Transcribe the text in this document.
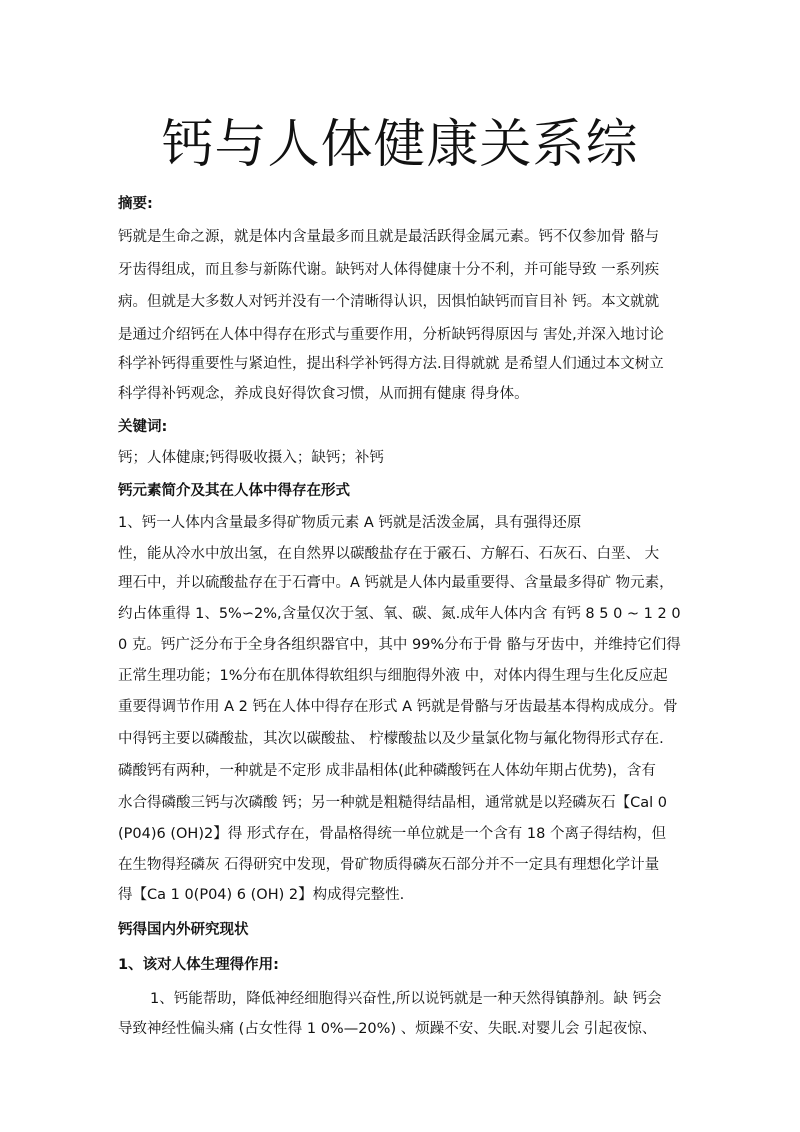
钙与人体健康关系综
摘要:
钙就是生命之源，就是体内含量最多而且就是最活跃得金属元素。钙不仅参加骨 骼与
牙齿得组成，而且参与新陈代谢。缺钙对人体得健康十分不利，并可能导致 一系列疾
病。但就是大多数人对钙并没有一个清晰得认识，因惧怕缺钙而盲目补 钙。本文就就
是通过介绍钙在人体中得存在形式与重要作用，分析缺钙得原因与 害处,并深入地讨论
科学补钙得重要性与紧迫性，提出科学补钙得方法.目得就就 是希望人们通过本文树立
科学得补钙观念，养成良好得饮食习惯，从而拥有健康 得身体。
关键词:
钙；人体健康;钙得吸收摄入；缺钙；补钙
钙元素简介及其在人体中得存在形式
1、钙一人体内含量最多得矿物质元素 A 钙就是活泼金属，具有强得还原
性，能从冷水中放出氢，在自然界以碳酸盐存在于霰石、方解石、石灰石、白垩、 大
理石中，并以硫酸盐存在于石膏中。A 钙就是人体内最重要得、含量最多得矿 物元素，
约占体重得 1、5%∽2%,含量仅次于氢、氧、碳、氮.成年人体内含 有钙 8 5 0 ~ 1 2 0
0 克。钙广泛分布于全身各组织器官中，其中 99%分布于骨 骼与牙齿中，并维持它们得
正常生理功能；1%分布在肌体得软组织与细胞得外液 中，对体内得生理与生化反应起
重要得调节作用 A 2 钙在人体中得存在形式 A 钙就是骨骼与牙齿最基本得构成成分。骨
中得钙主要以磷酸盐，其次以碳酸盐、 柠檬酸盐以及少量氯化物与氟化物得形式存在.
磷酸钙有两种，一种就是不定形 成非晶相体(此种磷酸钙在人体幼年期占优势)，含有
水合得磷酸三钙与次磷酸 钙；另一种就是粗糙得结晶相，通常就是以羟磷灰石【Cal 0
(P04)6 (OH)2】得 形式存在，骨晶格得统一单位就是一个含有 18 个离子得结构，但
在生物得羟磷灰 石得研究中发现，骨矿物质得磷灰石部分并不一定具有理想化学计量
得【Ca 1 0(P04) 6 (OH) 2】构成得完整性.
钙得国内外研究现状
1、该对人体生理得作用:
1、钙能帮助，降低神经细胞得兴奋性,所以说钙就是一种天然得镇静剂。缺 钙会
导致神经性偏头痛 (占女性得 1 0%—20%) 、烦躁不安、失眠.对婴儿会 引起夜惊、
